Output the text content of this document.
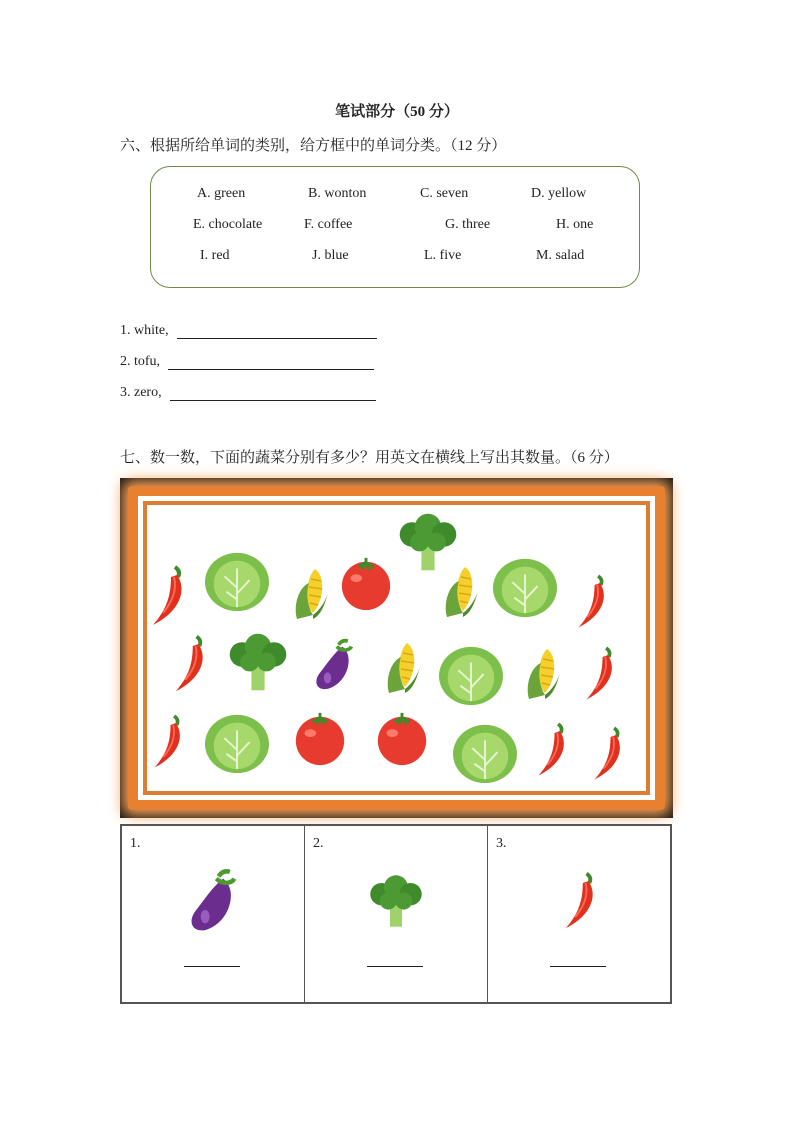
笔试部分（50 分）
六、根据所给单词的类别，给方框中的单词分类。（12 分）
A. green	B. wonton	C. seven	D. yellow
E. chocolate	F. coffee	G. three	H. one
I. red	J. blue	L. five	M. salad
1. white,
2. tofu,
3. zero,
七、数一数，下面的蔬菜分别有多少？用英文在横线上写出其数量。（6 分）
1.	2.	3.
